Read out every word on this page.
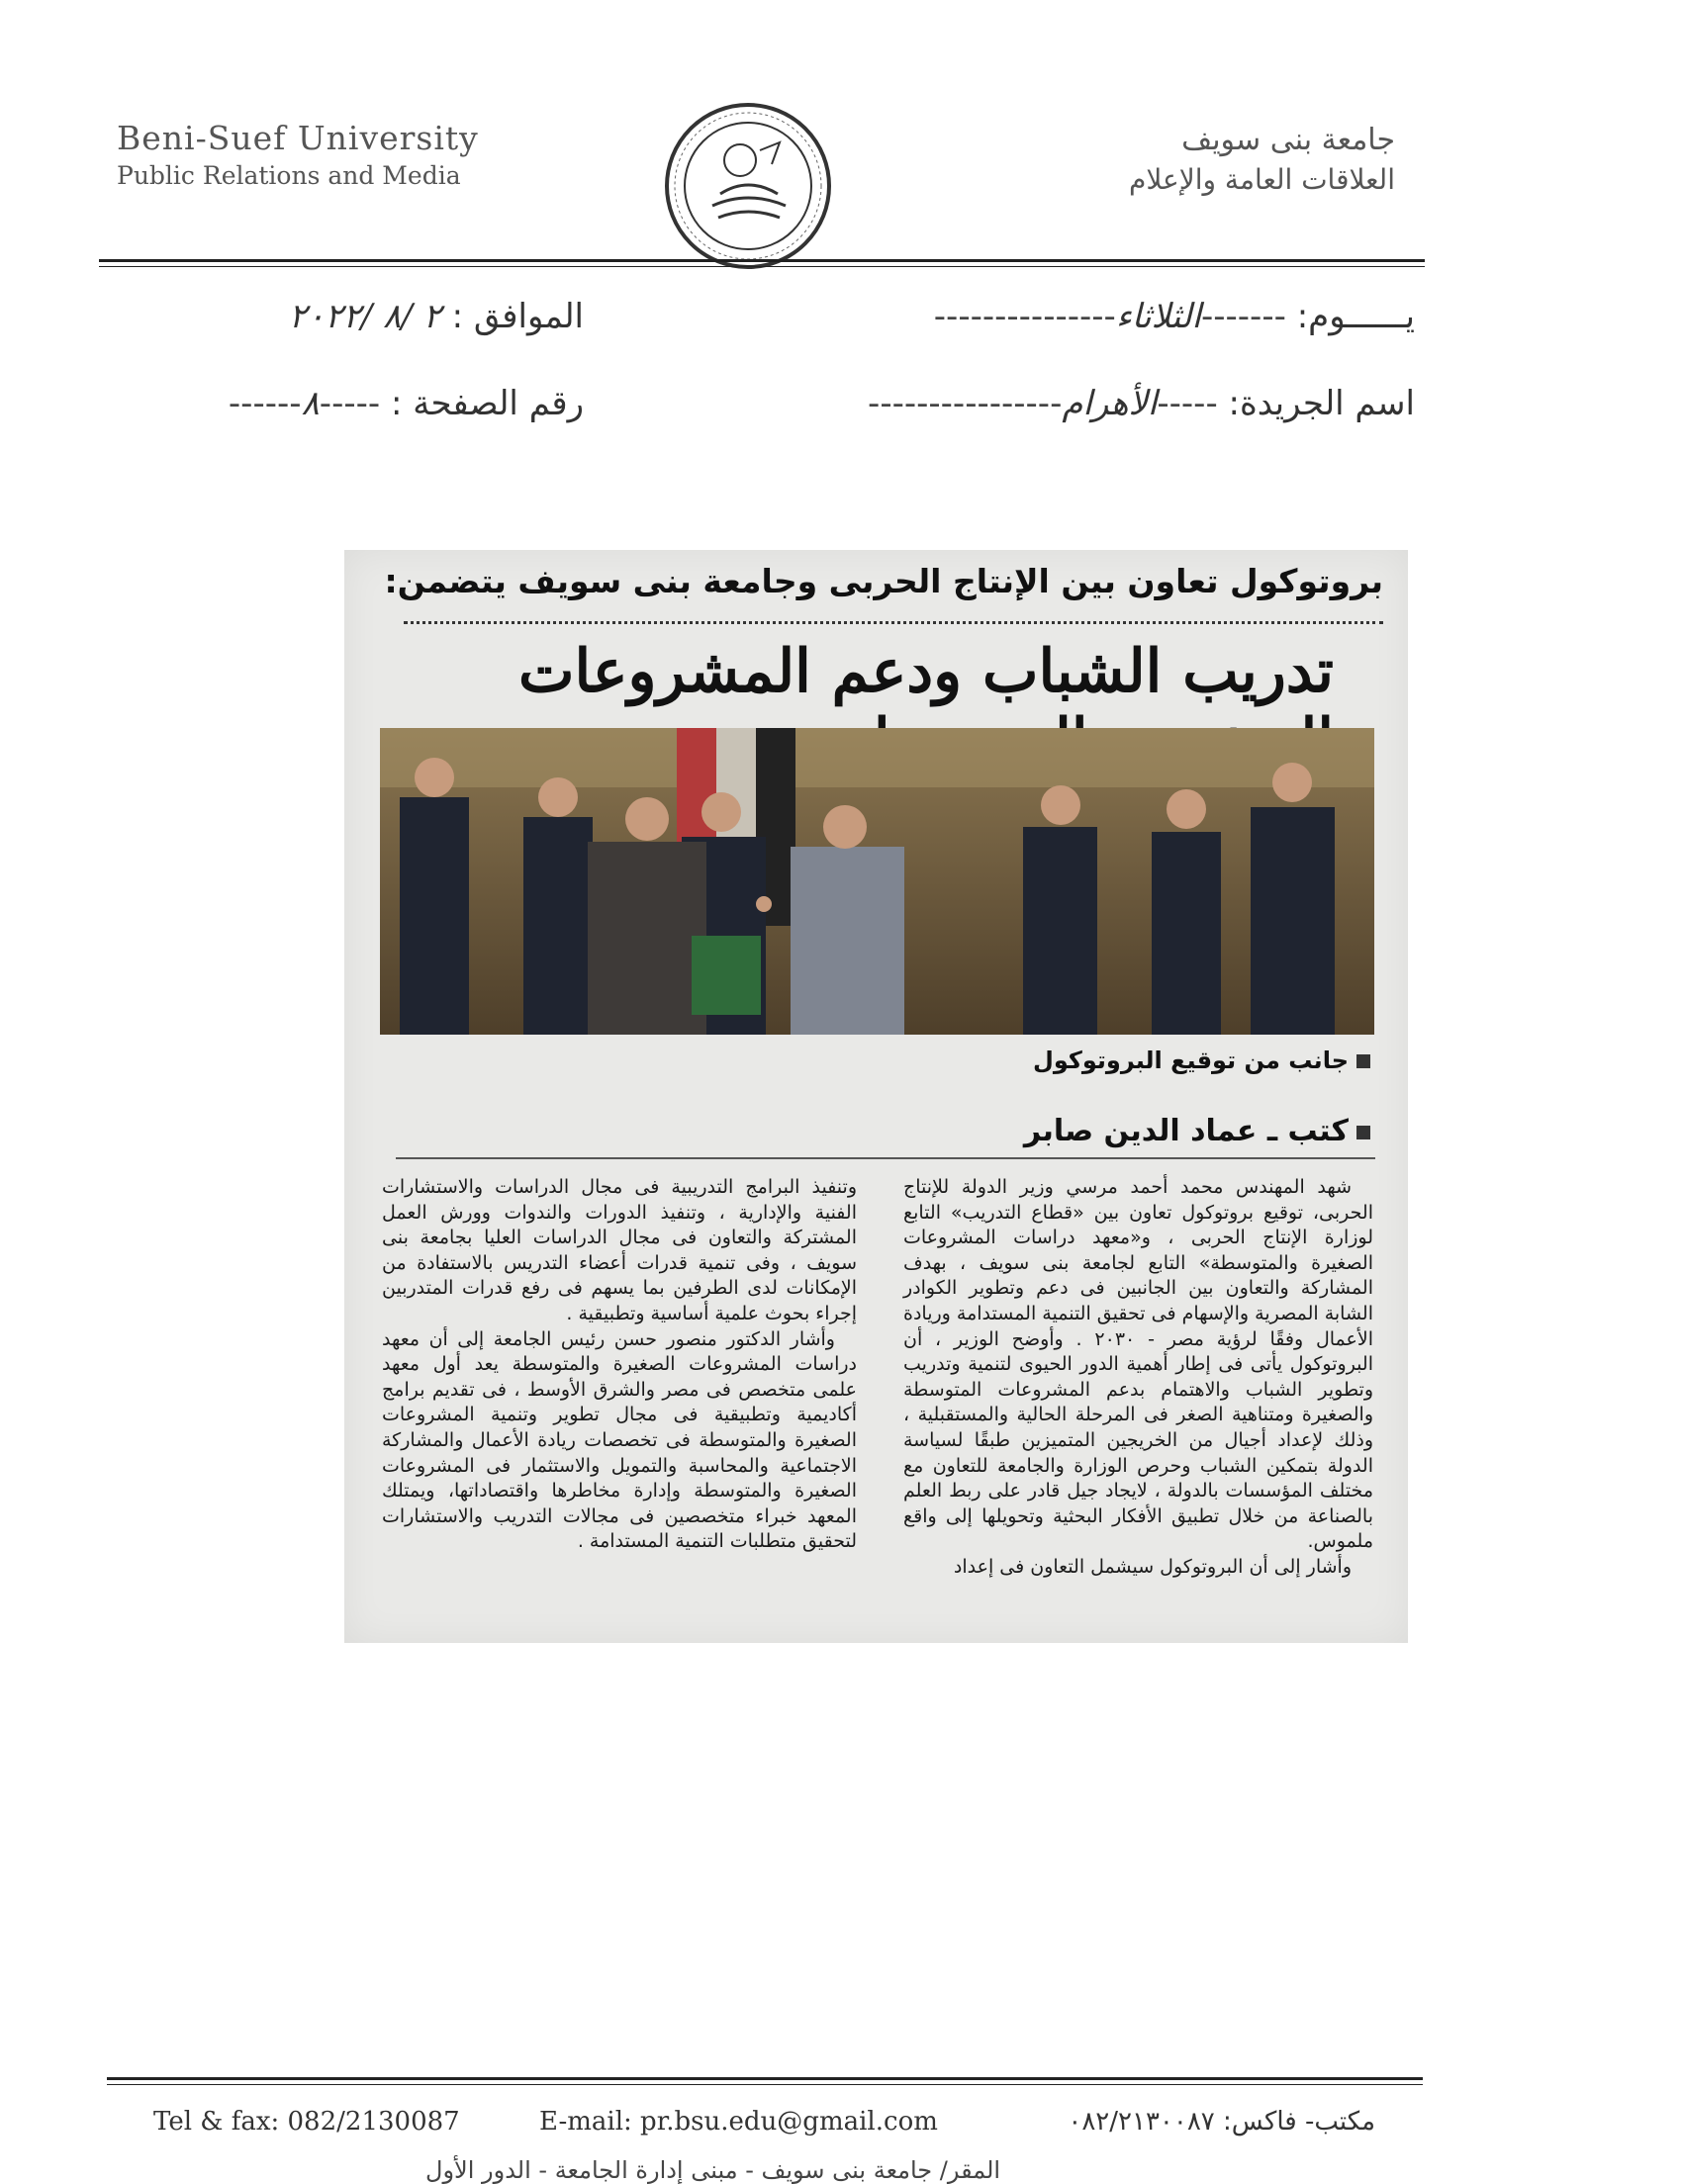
Beni-Suef University
Public Relations and Media
جامعة بنى سويف
العلاقات العامة والإعلام
يــــــوم: -------الثلاثاء---------------
الموافق : ٢ /٨ /٢٠٢٢
اسم الجريدة: -----الأهرام----------------
رقم الصفحة : -----٨------
بروتوكول تعاون بين الإنتاج الحربى وجامعة بنى سويف يتضمن:
تدريب الشباب ودعم المشروعات
جانب من توقيع البروتوكول
كتب ـ عماد الدين صابر

شهد المهندس محمد أحمد مرسي وزير الدولة للإنتاج الحربى، توقيع بروتوكول تعاون بين «قطاع التدريب» التابع لوزارة الإنتاج الحربى ، و«معهد دراسات المشروعات الصغيرة والمتوسطة» التابع لجامعة بنى سويف ، بهدف المشاركة والتعاون بين الجانبين فى دعم وتطوير الكوادر الشابة المصرية والإسهام فى تحقيق التنمية المستدامة وريادة الأعمال وفقًا لرؤية مصر - ٢٠٣٠ . وأوضح الوزير ، أن البروتوكول يأتى فى إطار أهمية الدور الحيوى لتنمية وتدريب وتطوير الشباب والاهتمام بدعم المشروعات المتوسطة والصغيرة ومتناهية الصغر فى المرحلة الحالية والمستقبلية ، وذلك لإعداد أجيال من الخريجين المتميزين طبقًا لسياسة الدولة بتمكين الشباب وحرص الوزارة والجامعة للتعاون مع مختلف المؤسسات بالدولة ، لايجاد جيل قادر على ربط العلم بالصناعة من خلال تطبيق الأفكار البحثية وتحويلها إلى واقع ملموس.

وأشار إلى أن البروتوكول سيشمل التعاون فى إعداد

وتنفيذ البرامج التدريبية فى مجال الدراسات والاستشارات الفنية والإدارية ، وتنفيذ الدورات والندوات وورش العمل المشتركة والتعاون فى مجال الدراسات العليا بجامعة بنى سويف ، وفى تنمية قدرات أعضاء التدريس بالاستفادة من الإمكانات لدى الطرفين بما يسهم فى رفع قدرات المتدربين إجراء بحوث علمية أساسية وتطبيقية .

وأشار الدكتور منصور حسن رئيس الجامعة إلى أن معهد دراسات المشروعات الصغيرة والمتوسطة يعد أول معهد علمى متخصص فى مصر والشرق الأوسط ، فى تقديم برامج أكاديمية وتطبيقية فى مجال تطوير وتنمية المشروعات الصغيرة والمتوسطة فى تخصصات ريادة الأعمال والمشاركة الاجتماعية والمحاسبة والتمويل والاستثمار فى المشروعات الصغيرة والمتوسطة وإدارة مخاطرها واقتصاداتها، ويمتلك المعهد خبراء متخصصين فى مجالات التدريب والاستشارات لتحقيق متطلبات التنمية المستدامة .

Tel & fax: 082/2130087	E-mail: pr.bsu.edu@gmail.com	مكتب- فاكس: ٠٨٢/٢١٣٠٠٨٧
المقر/ جامعة بنى سويف - مبنى إدارة الجامعة - الدور الأول
